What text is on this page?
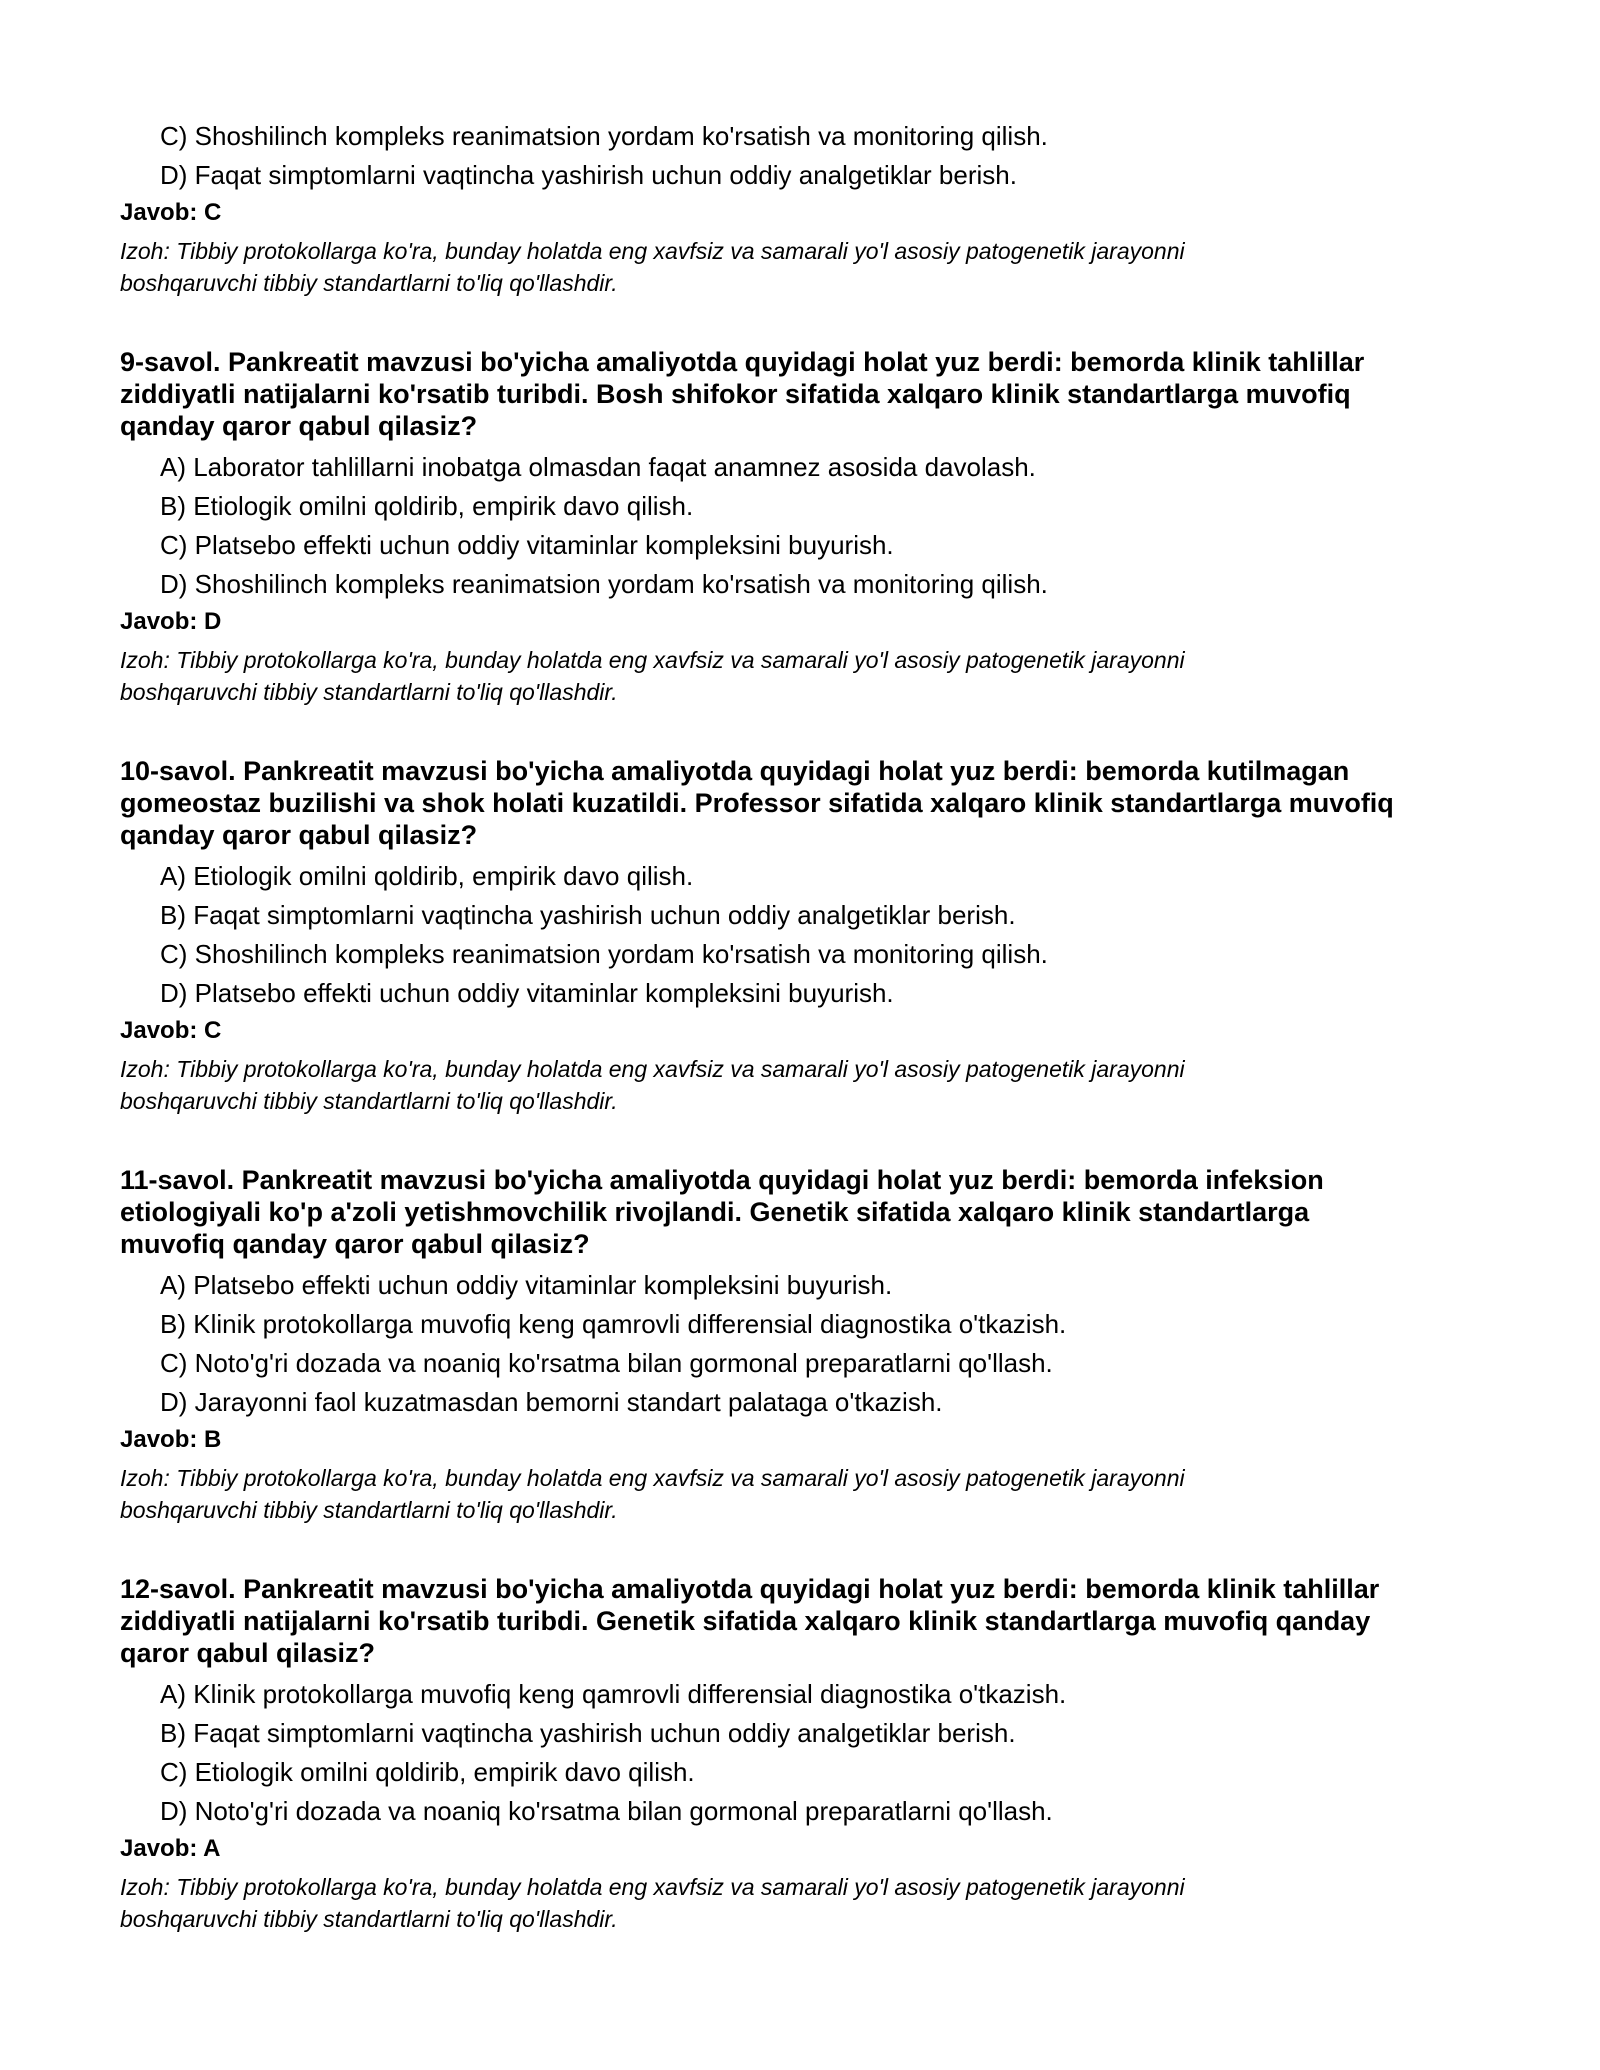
C) Shoshilinch kompleks reanimatsion yordam ko'rsatish va monitoring qilish.
D) Faqat simptomlarni vaqtincha yashirish uchun oddiy analgetiklar berish.
Javob: C
Izoh: Tibbiy protokollarga ko'ra, bunday holatda eng xavfsiz va samarali yo'l asosiy patogenetik jarayonni
boshqaruvchi tibbiy standartlarni to'liq qo'llashdir.
9-savol. Pankreatit mavzusi bo'yicha amaliyotda quyidagi holat yuz berdi: bemorda klinik tahlillar
ziddiyatli natijalarni ko'rsatib turibdi. Bosh shifokor sifatida xalqaro klinik standartlarga muvofiq
qanday qaror qabul qilasiz?
A) Laborator tahlillarni inobatga olmasdan faqat anamnez asosida davolash.
B) Etiologik omilni qoldirib, empirik davo qilish.
C) Platsebo effekti uchun oddiy vitaminlar kompleksini buyurish.
D) Shoshilinch kompleks reanimatsion yordam ko'rsatish va monitoring qilish.
Javob: D
Izoh: Tibbiy protokollarga ko'ra, bunday holatda eng xavfsiz va samarali yo'l asosiy patogenetik jarayonni
boshqaruvchi tibbiy standartlarni to'liq qo'llashdir.
10-savol. Pankreatit mavzusi bo'yicha amaliyotda quyidagi holat yuz berdi: bemorda kutilmagan
gomeostaz buzilishi va shok holati kuzatildi. Professor sifatida xalqaro klinik standartlarga muvofiq
qanday qaror qabul qilasiz?
A) Etiologik omilni qoldirib, empirik davo qilish.
B) Faqat simptomlarni vaqtincha yashirish uchun oddiy analgetiklar berish.
C) Shoshilinch kompleks reanimatsion yordam ko'rsatish va monitoring qilish.
D) Platsebo effekti uchun oddiy vitaminlar kompleksini buyurish.
Javob: C
Izoh: Tibbiy protokollarga ko'ra, bunday holatda eng xavfsiz va samarali yo'l asosiy patogenetik jarayonni
boshqaruvchi tibbiy standartlarni to'liq qo'llashdir.
11-savol. Pankreatit mavzusi bo'yicha amaliyotda quyidagi holat yuz berdi: bemorda infeksion
etiologiyali ko'p a'zoli yetishmovchilik rivojlandi. Genetik sifatida xalqaro klinik standartlarga
muvofiq qanday qaror qabul qilasiz?
A) Platsebo effekti uchun oddiy vitaminlar kompleksini buyurish.
B) Klinik protokollarga muvofiq keng qamrovli differensial diagnostika o'tkazish.
C) Noto'g'ri dozada va noaniq ko'rsatma bilan gormonal preparatlarni qo'llash.
D) Jarayonni faol kuzatmasdan bemorni standart palataga o'tkazish.
Javob: B
Izoh: Tibbiy protokollarga ko'ra, bunday holatda eng xavfsiz va samarali yo'l asosiy patogenetik jarayonni
boshqaruvchi tibbiy standartlarni to'liq qo'llashdir.
12-savol. Pankreatit mavzusi bo'yicha amaliyotda quyidagi holat yuz berdi: bemorda klinik tahlillar
ziddiyatli natijalarni ko'rsatib turibdi. Genetik sifatida xalqaro klinik standartlarga muvofiq qanday
qaror qabul qilasiz?
A) Klinik protokollarga muvofiq keng qamrovli differensial diagnostika o'tkazish.
B) Faqat simptomlarni vaqtincha yashirish uchun oddiy analgetiklar berish.
C) Etiologik omilni qoldirib, empirik davo qilish.
D) Noto'g'ri dozada va noaniq ko'rsatma bilan gormonal preparatlarni qo'llash.
Javob: A
Izoh: Tibbiy protokollarga ko'ra, bunday holatda eng xavfsiz va samarali yo'l asosiy patogenetik jarayonni
boshqaruvchi tibbiy standartlarni to'liq qo'llashdir.
